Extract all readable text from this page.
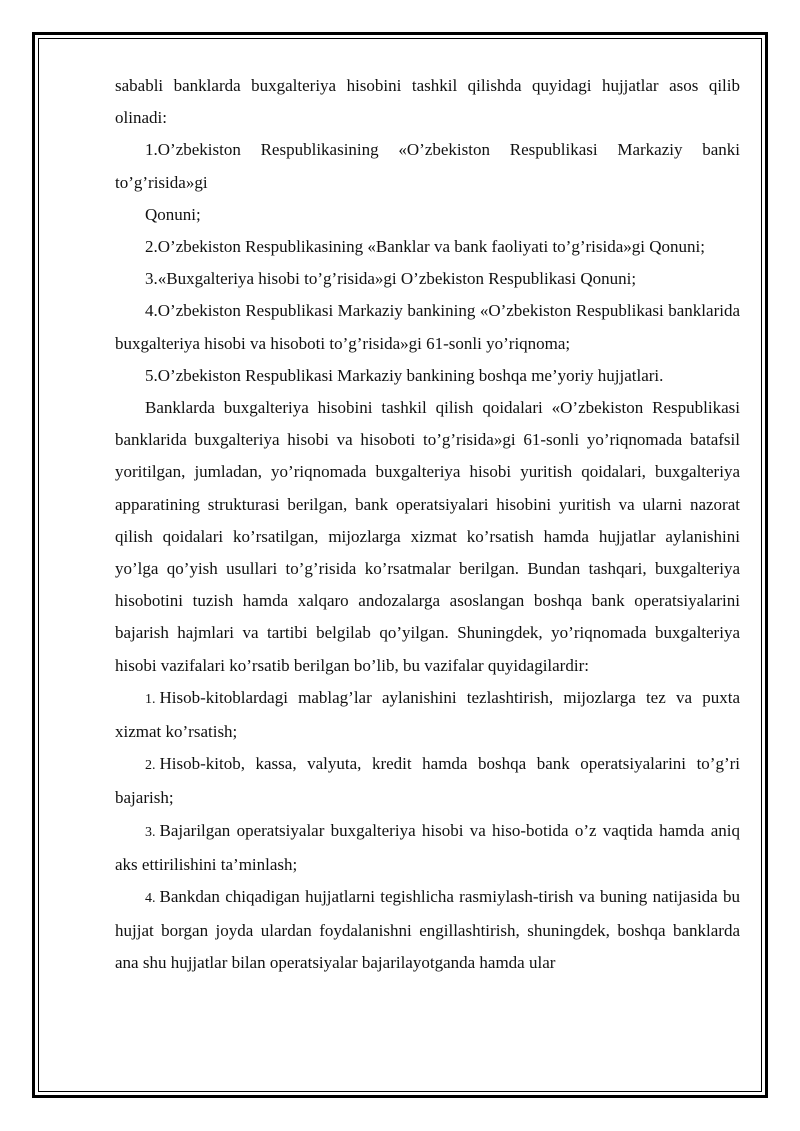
sababli banklarda buxgalteriya hisobini tashkil qilishda quyidagi hujjatlar asos qilib olinadi:

1.O’zbekiston Respublikasining «O’zbekiston Respublikasi Markaziy banki to’g’risida»gi

Qonuni;

2.O’zbekiston Respublikasining «Banklar va bank faoliyati to’g’risida»gi Qonuni;

3.«Buxgalteriya hisobi to’g’risida»gi O’zbekiston Respublikasi Qonuni;

4.O’zbekiston Respublikasi Markaziy bankining «O’zbekiston Respublikasi banklarida buxgalteriya hisobi va hisoboti to’g’risida»gi 61-sonli yo’riqnoma;

5.O’zbekiston Respublikasi Markaziy bankining boshqa me’yoriy hujjatlari.

Banklarda buxgalteriya hisobini tashkil qilish qoidalari «O’zbekiston Respublikasi banklarida buxgalteriya hisobi va hisoboti to’g’risida»gi 61-sonli yo’riqnomada batafsil yoritilgan, jumladan, yo’riqnomada buxgalteriya hisobi yuritish qoidalari, buxgalteriya apparatining strukturasi berilgan, bank operatsiyalari hisobini yuritish va ularni nazorat qilish qoidalari ko’rsatilgan, mijozlarga xizmat ko’rsatish hamda hujjatlar aylanishini yo’lga qo’yish usullari to’g’risida ko’rsatmalar berilgan. Bundan tashqari, buxgalteriya hisobotini tuzish hamda xalqaro andozalarga asoslangan boshqa bank operatsiyalarini bajarish hajmlari va tartibi belgilab qo’yilgan. Shuningdek, yo’riqnomada buxgalteriya hisobi vazifalari ko’rsatib berilgan bo’lib, bu vazifalar quyidagilardir:

1. Hisob-kitoblardagi mablag’lar aylanishini tezlashtirish, mijozlarga tez va puxta xizmat ko’rsatish;

2. Hisob-kitob, kassa, valyuta, kredit hamda boshqa bank operatsiyalarini to’g’ri bajarish;

3. Bajarilgan operatsiyalar buxgalteriya hisobi va hiso-botida o’z vaqtida hamda aniq aks ettirilishini ta’minlash;

4. Bankdan chiqadigan hujjatlarni tegishlicha rasmiylash-tirish va buning natijasida bu hujjat borgan joyda ulardan foydalanishni engillashtirish, shuningdek, boshqa banklarda ana shu hujjatlar bilan operatsiyalar bajarilayotganda hamda ular
